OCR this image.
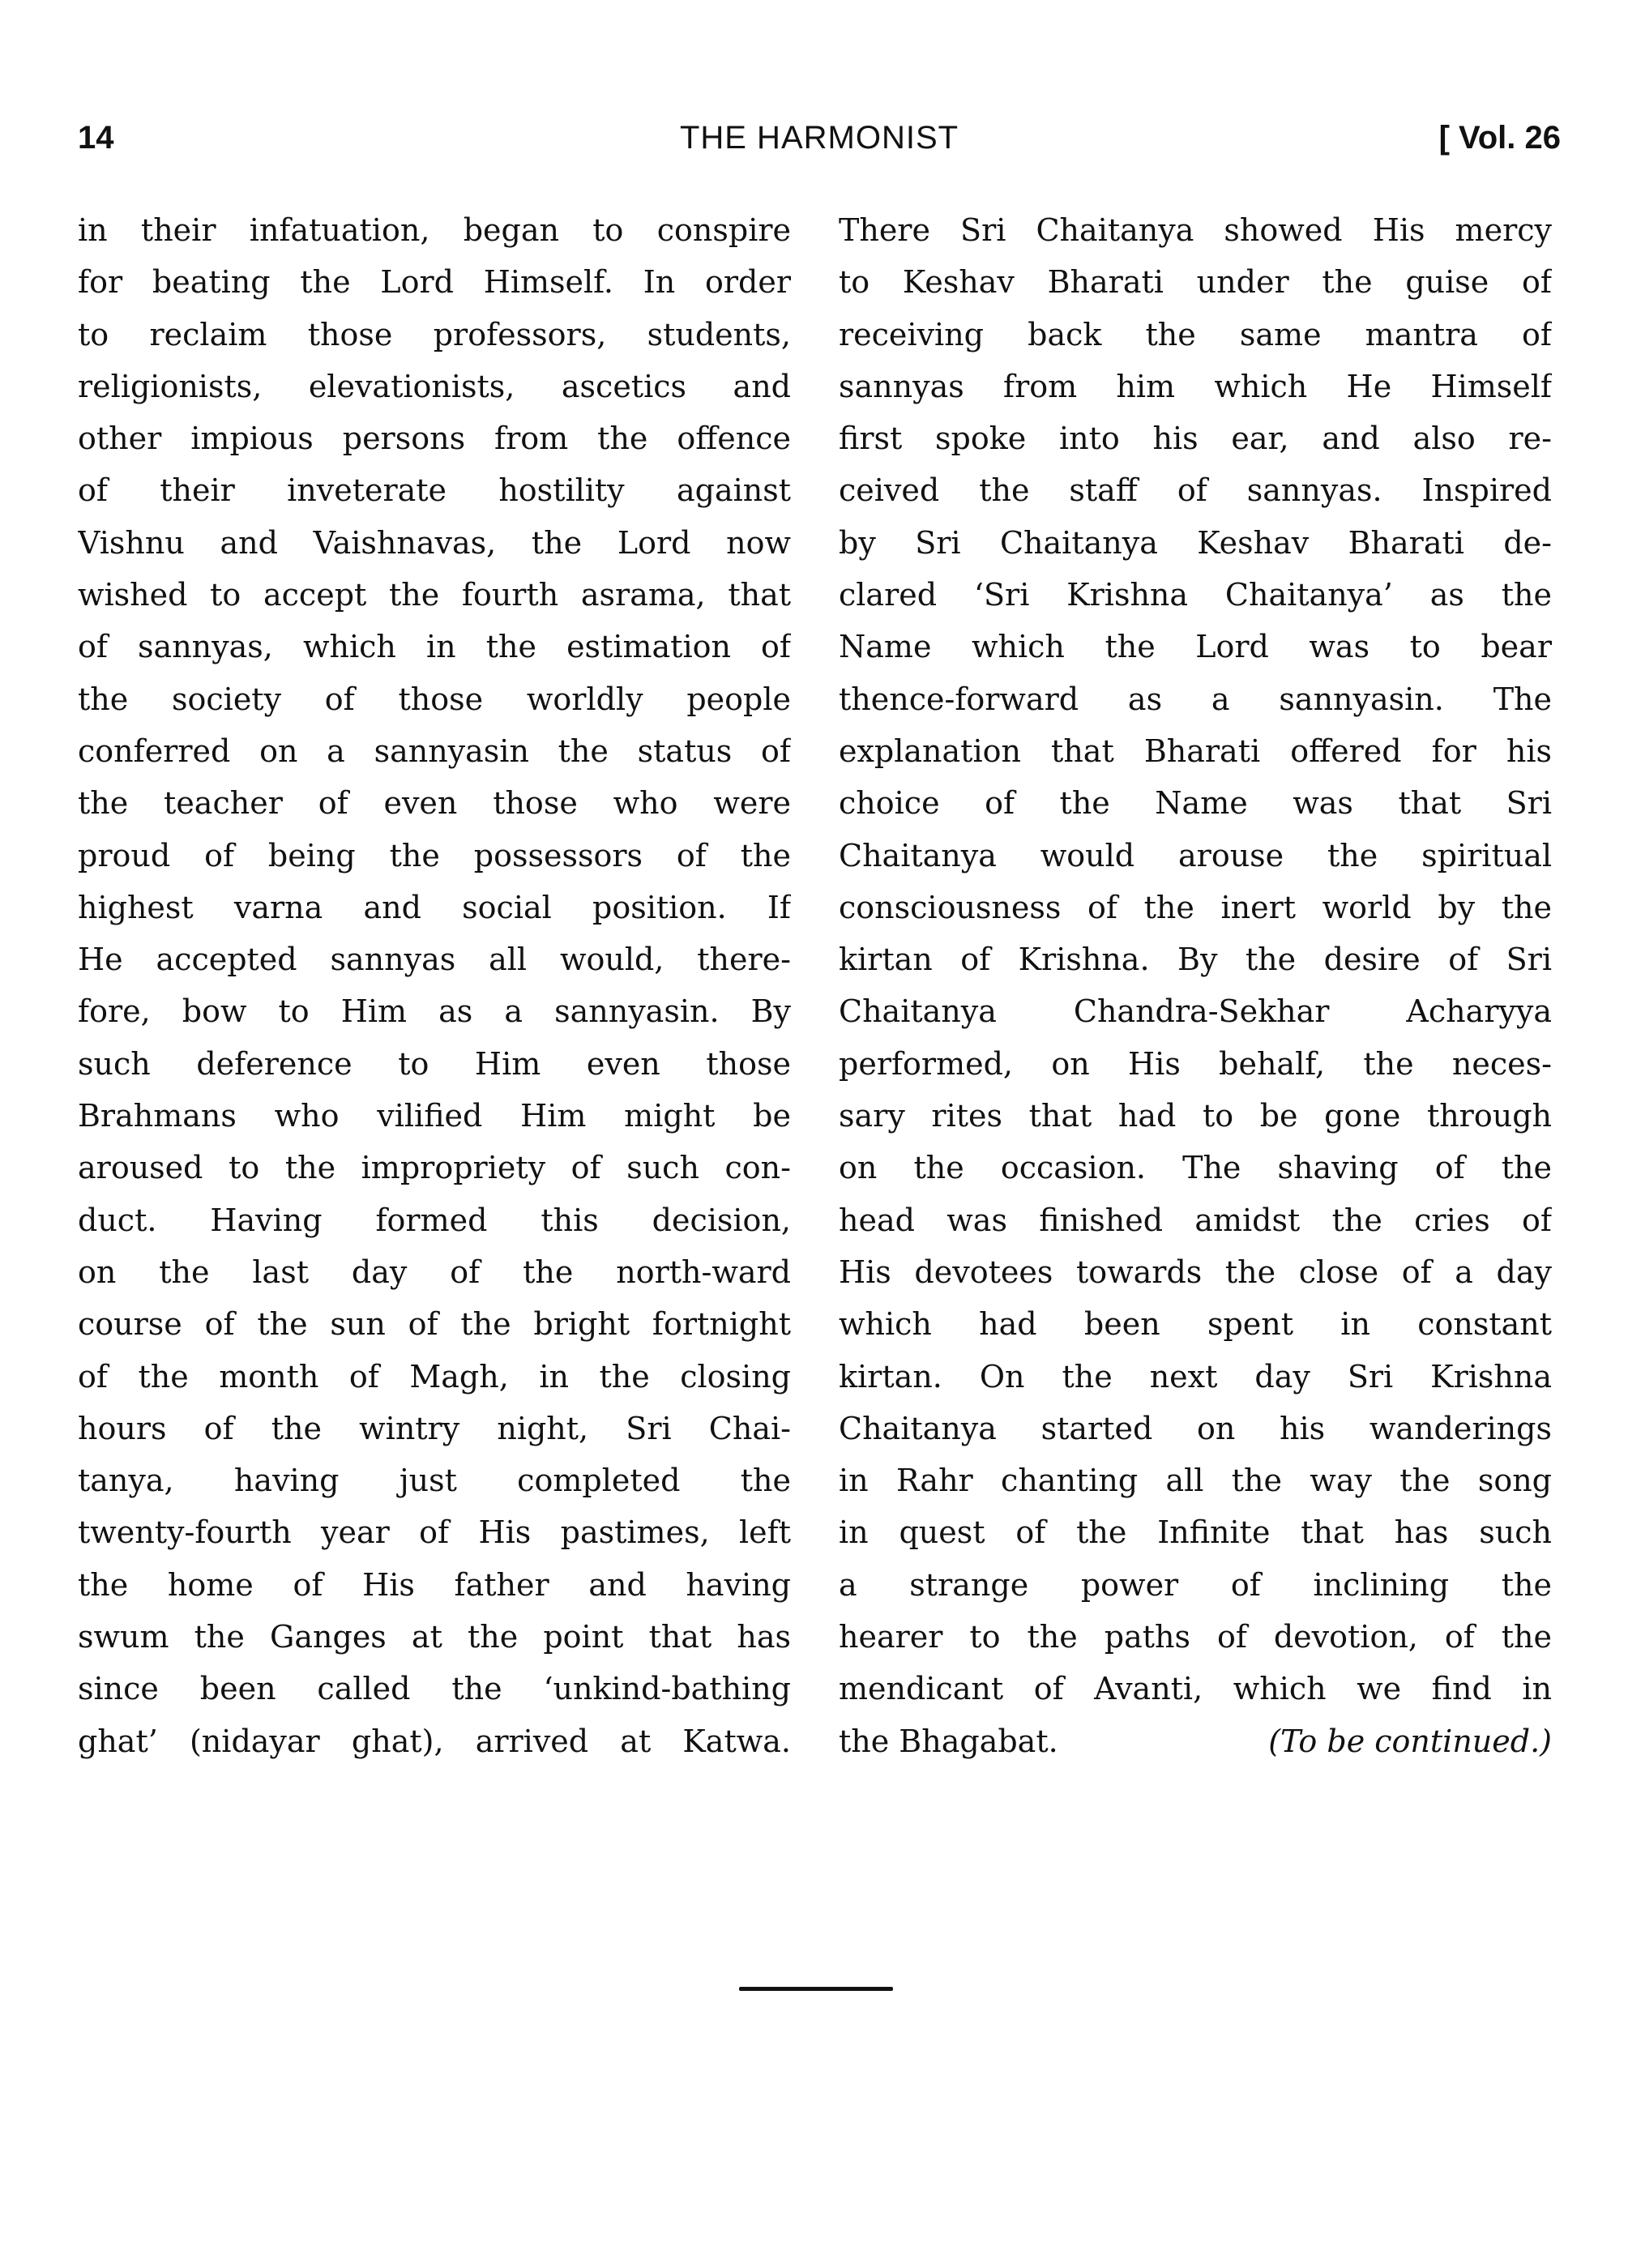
14	THE HARMONIST	[ Vol. 26
in their infatuation, began to conspire
for beating the Lord Himself. In order
to reclaim those professors, students,
religionists, elevationists, ascetics and
other impious persons from the offence
of their inveterate hostility against
Vishnu and Vaishnavas, the Lord now
wished to accept the fourth asrama, that
of sannyas, which in the estimation of
the society of those worldly people
conferred on a sannyasin the status of
the teacher of even those who were
proud of being the possessors of the
highest varna and social position. If
He accepted sannyas all would, there-
fore, bow to Him as a sannyasin. By
such deference to Him even those
Brahmans who vilified Him might be
aroused to the impropriety of such con-
duct. Having formed this decision,
on the last day of the north-ward
course of the sun of the bright fortnight
of the month of Magh, in the closing
hours of the wintry night, Sri Chai-
tanya, having just completed the
twenty-fourth year of His pastimes, left
the home of His father and having
swum the Ganges at the point that has
since been called the ‘unkind-bathing
ghat’ (nidayar ghat), arrived at Katwa.
There Sri Chaitanya showed His mercy
to Keshav Bharati under the guise of
receiving back the same mantra of
sannyas from him which He Himself
first spoke into his ear, and also re-
ceived the staff of sannyas. Inspired
by Sri Chaitanya Keshav Bharati de-
clared ‘Sri Krishna Chaitanya’ as the
Name which the Lord was to bear
thence-forward as a sannyasin. The
explanation that Bharati offered for his
choice of the Name was that Sri
Chaitanya would arouse the spiritual
consciousness of the inert world by the
kirtan of Krishna. By the desire of Sri
Chaitanya Chandra-Sekhar Acharyya
performed, on His behalf, the neces-
sary rites that had to be gone through
on the occasion. The shaving of the
head was finished amidst the cries of
His devotees towards the close of a day
which had been spent in constant
kirtan. On the next day Sri Krishna
Chaitanya started on his wanderings
in Rahr chanting all the way the song
in quest of the Infinite that has such
a strange power of inclining the
hearer to the paths of devotion, of the
mendicant of Avanti, which we find in
the Bhagabat.	(To be continued.)
